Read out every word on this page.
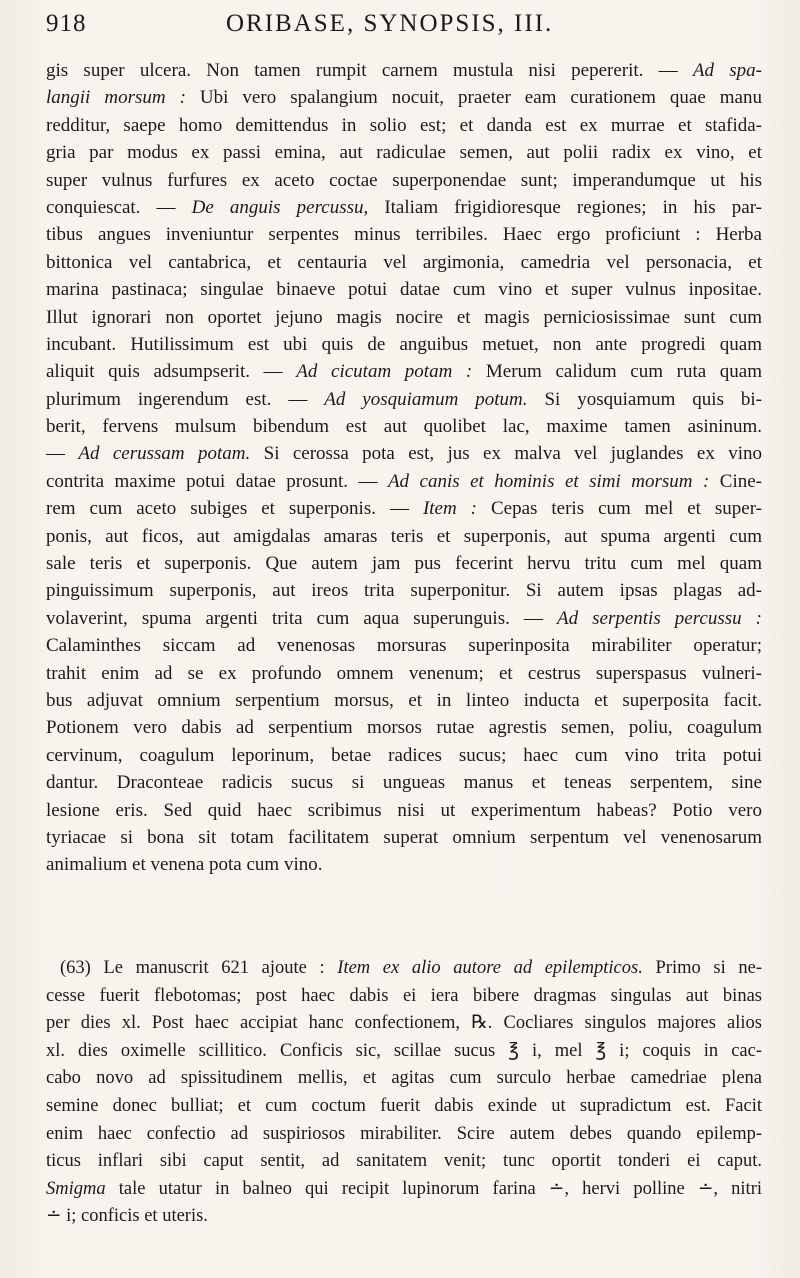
918	ORIBASE, SYNOPSIS, III.
gis super ulcera. Non tamen rumpit carnem mustula nisi pepererit. — Ad spa-
langii morsum : Ubi vero spalangium nocuit, praeter eam curationem quae manu
redditur, saepe homo demittendus in solio est; et danda est ex murrae et stafida-
gria par modus ex passi emina, aut radiculae semen, aut polii radix ex vino, et
super vulnus furfures ex aceto coctae superponendae sunt; imperandumque ut his
conquiescat. — De anguis percussu, Italiam frigidioresque regiones; in his par-
tibus angues inveniuntur serpentes minus terribiles. Haec ergo proficiunt : Herba
bittonica vel cantabrica, et centauria vel argimonia, camedria vel personacia, et
marina pastinaca; singulae binaeve potui datae cum vino et super vulnus inpositae.
Illut ignorari non oportet jejuno magis nocire et magis perniciosissimae sunt cum
incubant. Hutilissimum est ubi quis de anguibus metuet, non ante progredi quam
aliquit quis adsumpserit. — Ad cicutam potam : Merum calidum cum ruta quam
plurimum ingerendum est. — Ad yosquiamum potum. Si yosquiamum quis bi-
berit, fervens mulsum bibendum est aut quolibet lac, maxime tamen asininum.
— Ad cerussam potam. Si cerossa pota est, jus ex malva vel juglandes ex vino
contrita maxime potui datae prosunt. — Ad canis et hominis et simi morsum : Cine-
rem cum aceto subiges et superponis. — Item : Cepas teris cum mel et super-
ponis, aut ficos, aut amigdalas amaras teris et superponis, aut spuma argenti cum
sale teris et superponis. Que autem jam pus fecerint hervu tritu cum mel quam
pinguissimum superponis, aut ireos trita superponitur. Si autem ipsas plagas ad-
volaverint, spuma argenti trita cum aqua superunguis. — Ad serpentis percussu :
Calaminthes siccam ad venenosas morsuras superinposita mirabiliter operatur;
trahit enim ad se ex profundo omnem venenum; et cestrus superspasus vulneri-
bus adjuvat omnium serpentium morsus, et in linteo inducta et superposita facit.
Potionem vero dabis ad serpentium morsos rutae agrestis semen, poliu, coagulum
cervinum, coagulum leporinum, betae radices sucus; haec cum vino trita potui
dantur. Draconteae radicis sucus si ungueas manus et teneas serpentem, sine
lesione eris. Sed quid haec scribimus nisi ut experimentum habeas? Potio vero
tyriacae si bona sit totam facilitatem superat omnium serpentum vel venenosarum
animalium et venena pota cum vino.
(63) Le manuscrit 621 ajoute : Item ex alio autore ad epilempticos. Primo si ne-
cesse fuerit flebotomas; post haec dabis ei iera bibere dragmas singulas aut binas
per dies xl. Post haec accipiat hanc confectionem, ℞. Cocliares singulos majores alios
xl. dies oximelle scillitico. Conficis sic, scillae sucus ℥ i, mel ℥ i; coquis in cac-
cabo novo ad spissitudinem mellis, et agitas cum surculo herbae camedriae plena
semine donec bulliat; et cum coctum fuerit dabis exinde ut supradictum est. Facit
enim haec confectio ad suspiriosos mirabiliter. Scire autem debes quando epilemp-
ticus inflari sibi caput sentit, ad sanitatem venit; tunc oportit tonderi ei caput.
Smigma tale utatur in balneo qui recipit lupinorum farina ∸, hervi polline ∸, nitri
∸ i; conficis et uteris.
